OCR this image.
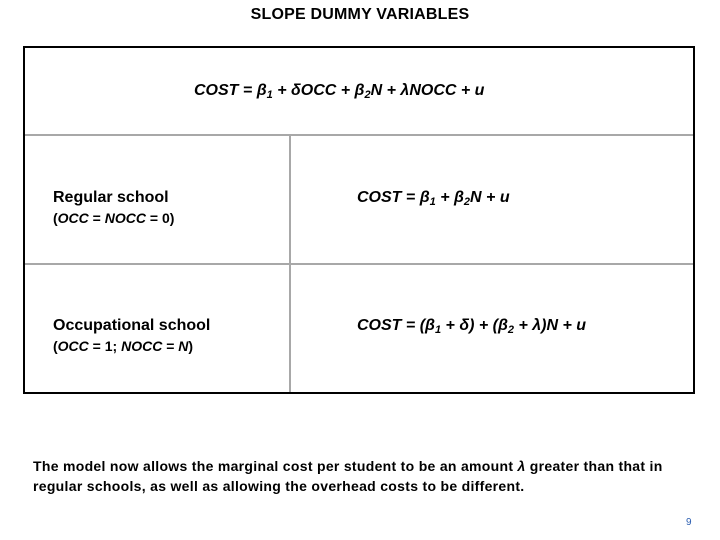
SLOPE DUMMY VARIABLES
COST = $\beta_1 + \delta OCC + \beta_2N$ + λNOCC + u
Regular school
(OCC = NOCC = 0)
COST = $\beta_1 + \beta_2N + u$
Occupational school
(OCC = 1; NOCC = N)
COST = $(\beta_1 + \delta) + (\beta_2 + \lambda)N + u$
The model now allows the marginal cost per student to be an amount λ greater than that in regular schools, as well as allowing the overhead costs to be different.
9
